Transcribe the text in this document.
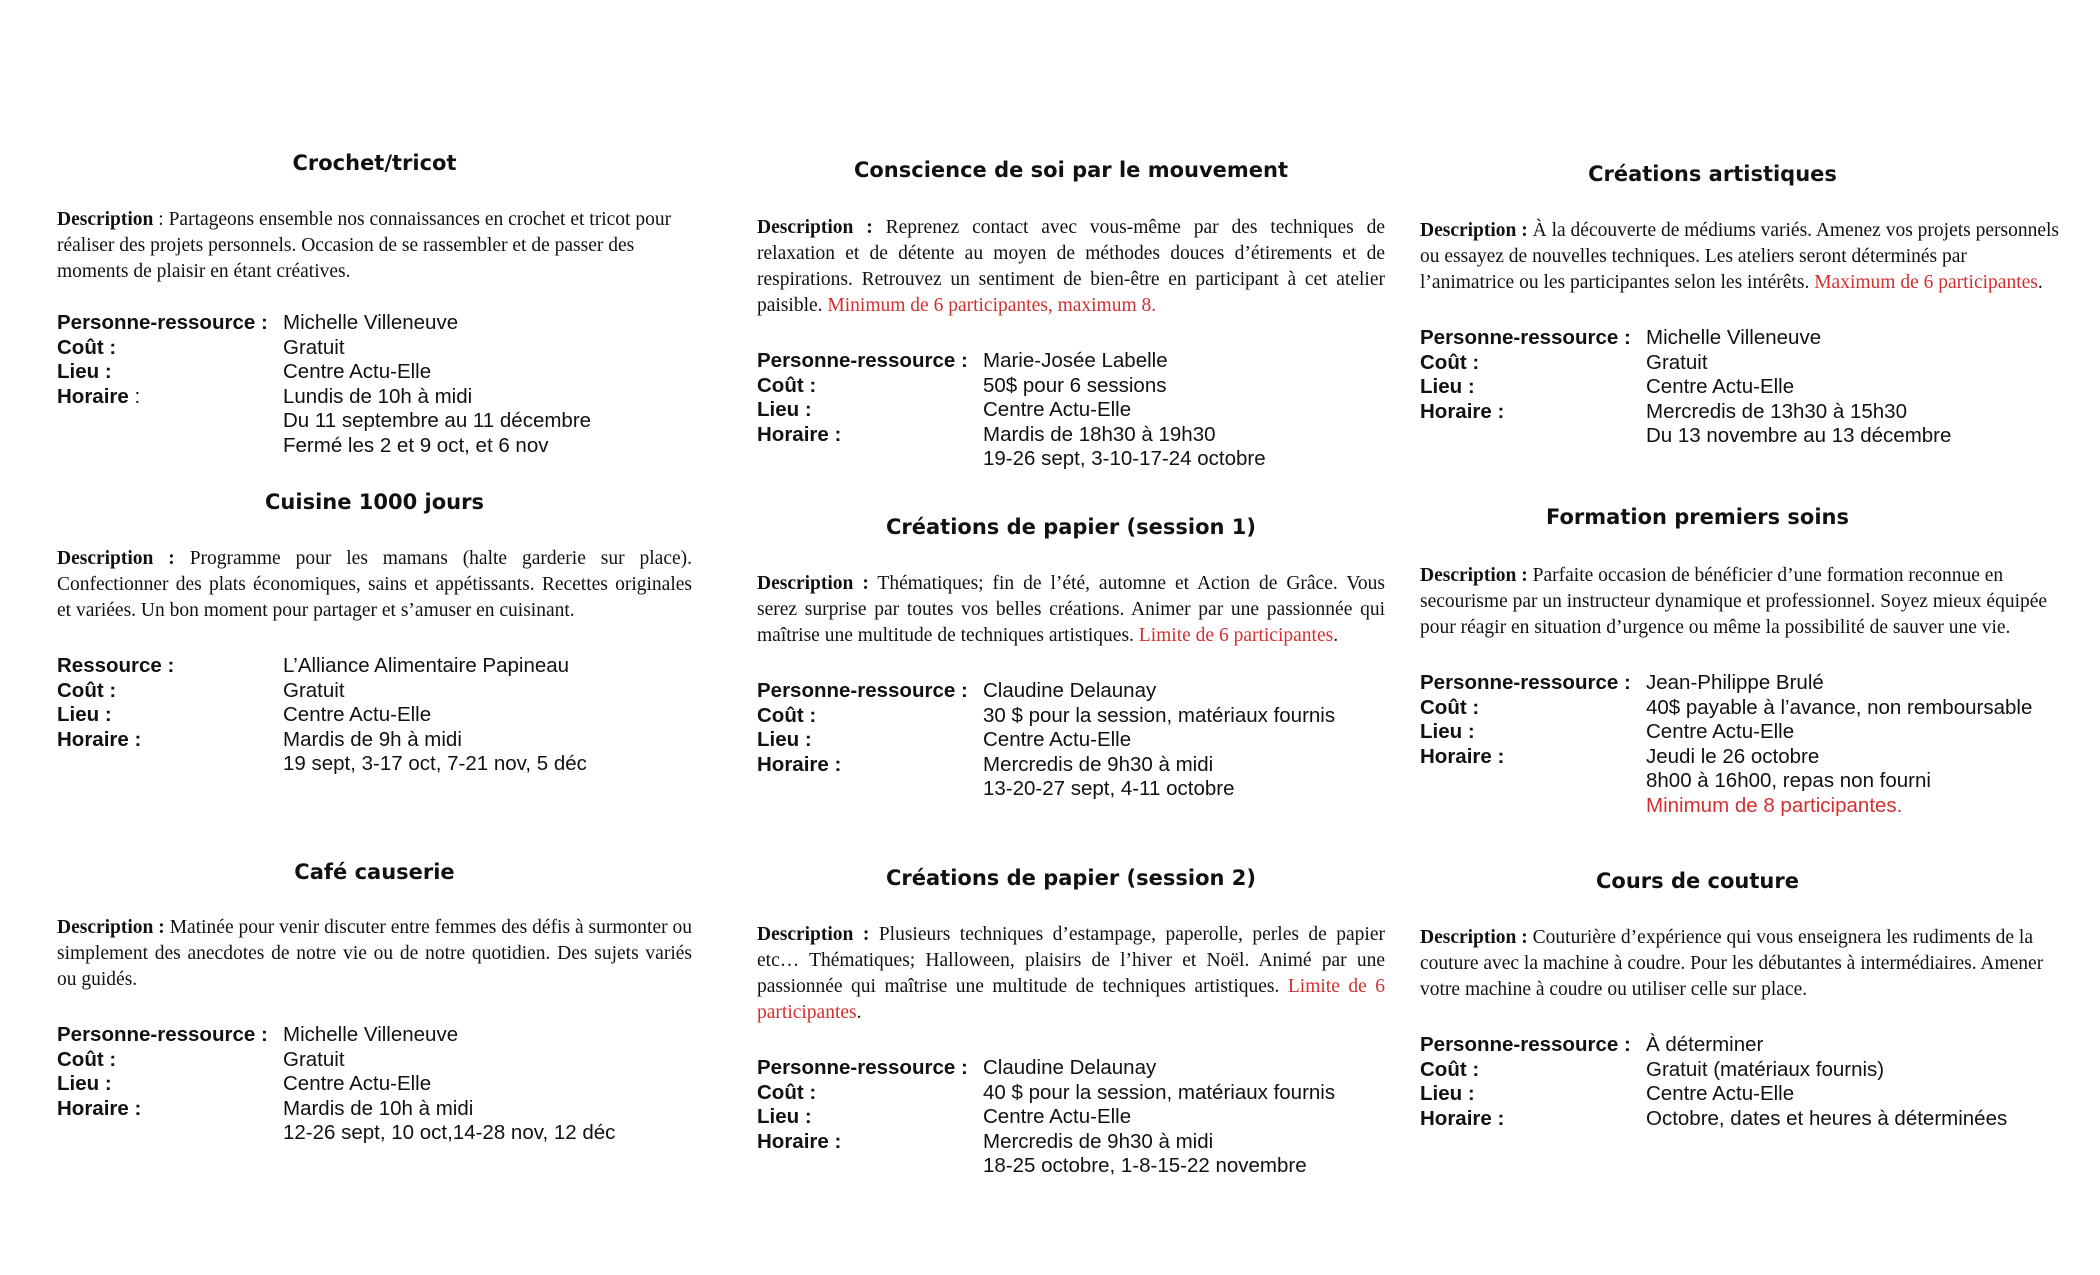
Crochet/tricot

Description : Partageons ensemble nos connaissances en crochet et tricot pour réaliser des projets personnels. Occasion de se rassembler et de passer des moments de plaisir en étant créatives.

Personne-ressource : Michelle Villeneuve
Coût :	Gratuit
Lieu :	Centre Actu-Elle
Horaire :	Lundis de 10h à midi
Du 11 septembre au 11 décembre
Fermé les 2 et 9 oct, et 6 nov
Cuisine 1000 jours

Description : Programme pour les mamans (halte garderie sur place). Confectionner des plats économiques, sains et appétissants. Recettes originales et variées. Un bon moment pour partager et s’amuser en cuisinant.

Ressource :	L’Alliance Alimentaire Papineau
Coût :	Gratuit
Lieu :	Centre Actu-Elle
Horaire :	Mardis de 9h à midi
19 sept, 3-17 oct, 7-21 nov, 5 déc
Café causerie

Description : Matinée pour venir discuter entre femmes des défis à surmonter ou simplement des anecdotes de notre vie ou de notre quotidien. Des sujets variés ou guidés.

Personne-ressource : Michelle Villeneuve
Coût :	Gratuit
Lieu :	Centre Actu-Elle
Horaire :	Mardis de 10h à midi
12-26 sept, 10 oct,14-28 nov, 12 déc
Conscience de soi par le mouvement

Description : Reprenez contact avec vous-même par des techniques de relaxation et de détente au moyen de méthodes douces d’étirements et de respirations. Retrouvez un sentiment de bien-être en participant à cet atelier paisible. Minimum de 6 participantes, maximum 8.

Personne-ressource : Marie-Josée Labelle
Coût :	50$ pour 6 sessions
Lieu :	Centre Actu-Elle
Horaire :	Mardis de 18h30 à 19h30
19-26 sept, 3-10-17-24 octobre
Créations de papier (session 1)

Description : Thématiques; fin de l’été, automne et Action de Grâce. Vous serez surprise par toutes vos belles créations. Animer par une passionnée qui maîtrise une multitude de techniques artistiques. Limite de 6 participantes.

Personne-ressource : Claudine Delaunay
Coût :	30 $ pour la session, matériaux fournis
Lieu :	Centre Actu-Elle
Horaire :	Mercredis de 9h30 à midi
13-20-27 sept, 4-11 octobre
Créations de papier (session 2)

Description : Plusieurs techniques d’estampage, paperolle, perles de papier etc… Thématiques; Halloween, plaisirs de l’hiver et Noël. Animé par une passionnée qui maîtrise une multitude de techniques artistiques. Limite de 6 participantes.

Personne-ressource : Claudine Delaunay
Coût :	40 $ pour la session, matériaux fournis
Lieu :	Centre Actu-Elle
Horaire :	Mercredis de 9h30 à midi
18-25 octobre, 1-8-15-22 novembre
Créations artistiques

Description : À la découverte de médiums variés. Amenez vos projets personnels ou essayez de nouvelles techniques. Les ateliers seront déterminés par l’animatrice ou les participantes selon les intérêts. Maximum de 6 participantes.

Personne-ressource : Michelle Villeneuve
Coût :	Gratuit
Lieu :	Centre Actu-Elle
Horaire :	Mercredis de 13h30 à 15h30
Du 13 novembre au 13 décembre
Formation premiers soins

Description : Parfaite occasion de bénéficier d’une formation reconnue en secourisme par un instructeur dynamique et professionnel. Soyez mieux équipée pour réagir en situation d’urgence ou même la possibilité de sauver une vie.

Personne-ressource : Jean-Philippe Brulé
Coût :	40$ payable à l’avance, non remboursable
Lieu :	Centre Actu-Elle
Horaire :	Jeudi le 26 octobre
8h00 à 16h00, repas non fourni
Minimum de 8 participantes.
Cours de couture

Description : Couturière d’expérience qui vous enseignera les rudiments de la couture avec la machine à coudre. Pour les débutantes à intermédiaires. Amener votre machine à coudre ou utiliser celle sur place.

Personne-ressource : À déterminer
Coût :	Gratuit (matériaux fournis)
Lieu :	Centre Actu-Elle
Horaire :	Octobre, dates et heures à déterminées
